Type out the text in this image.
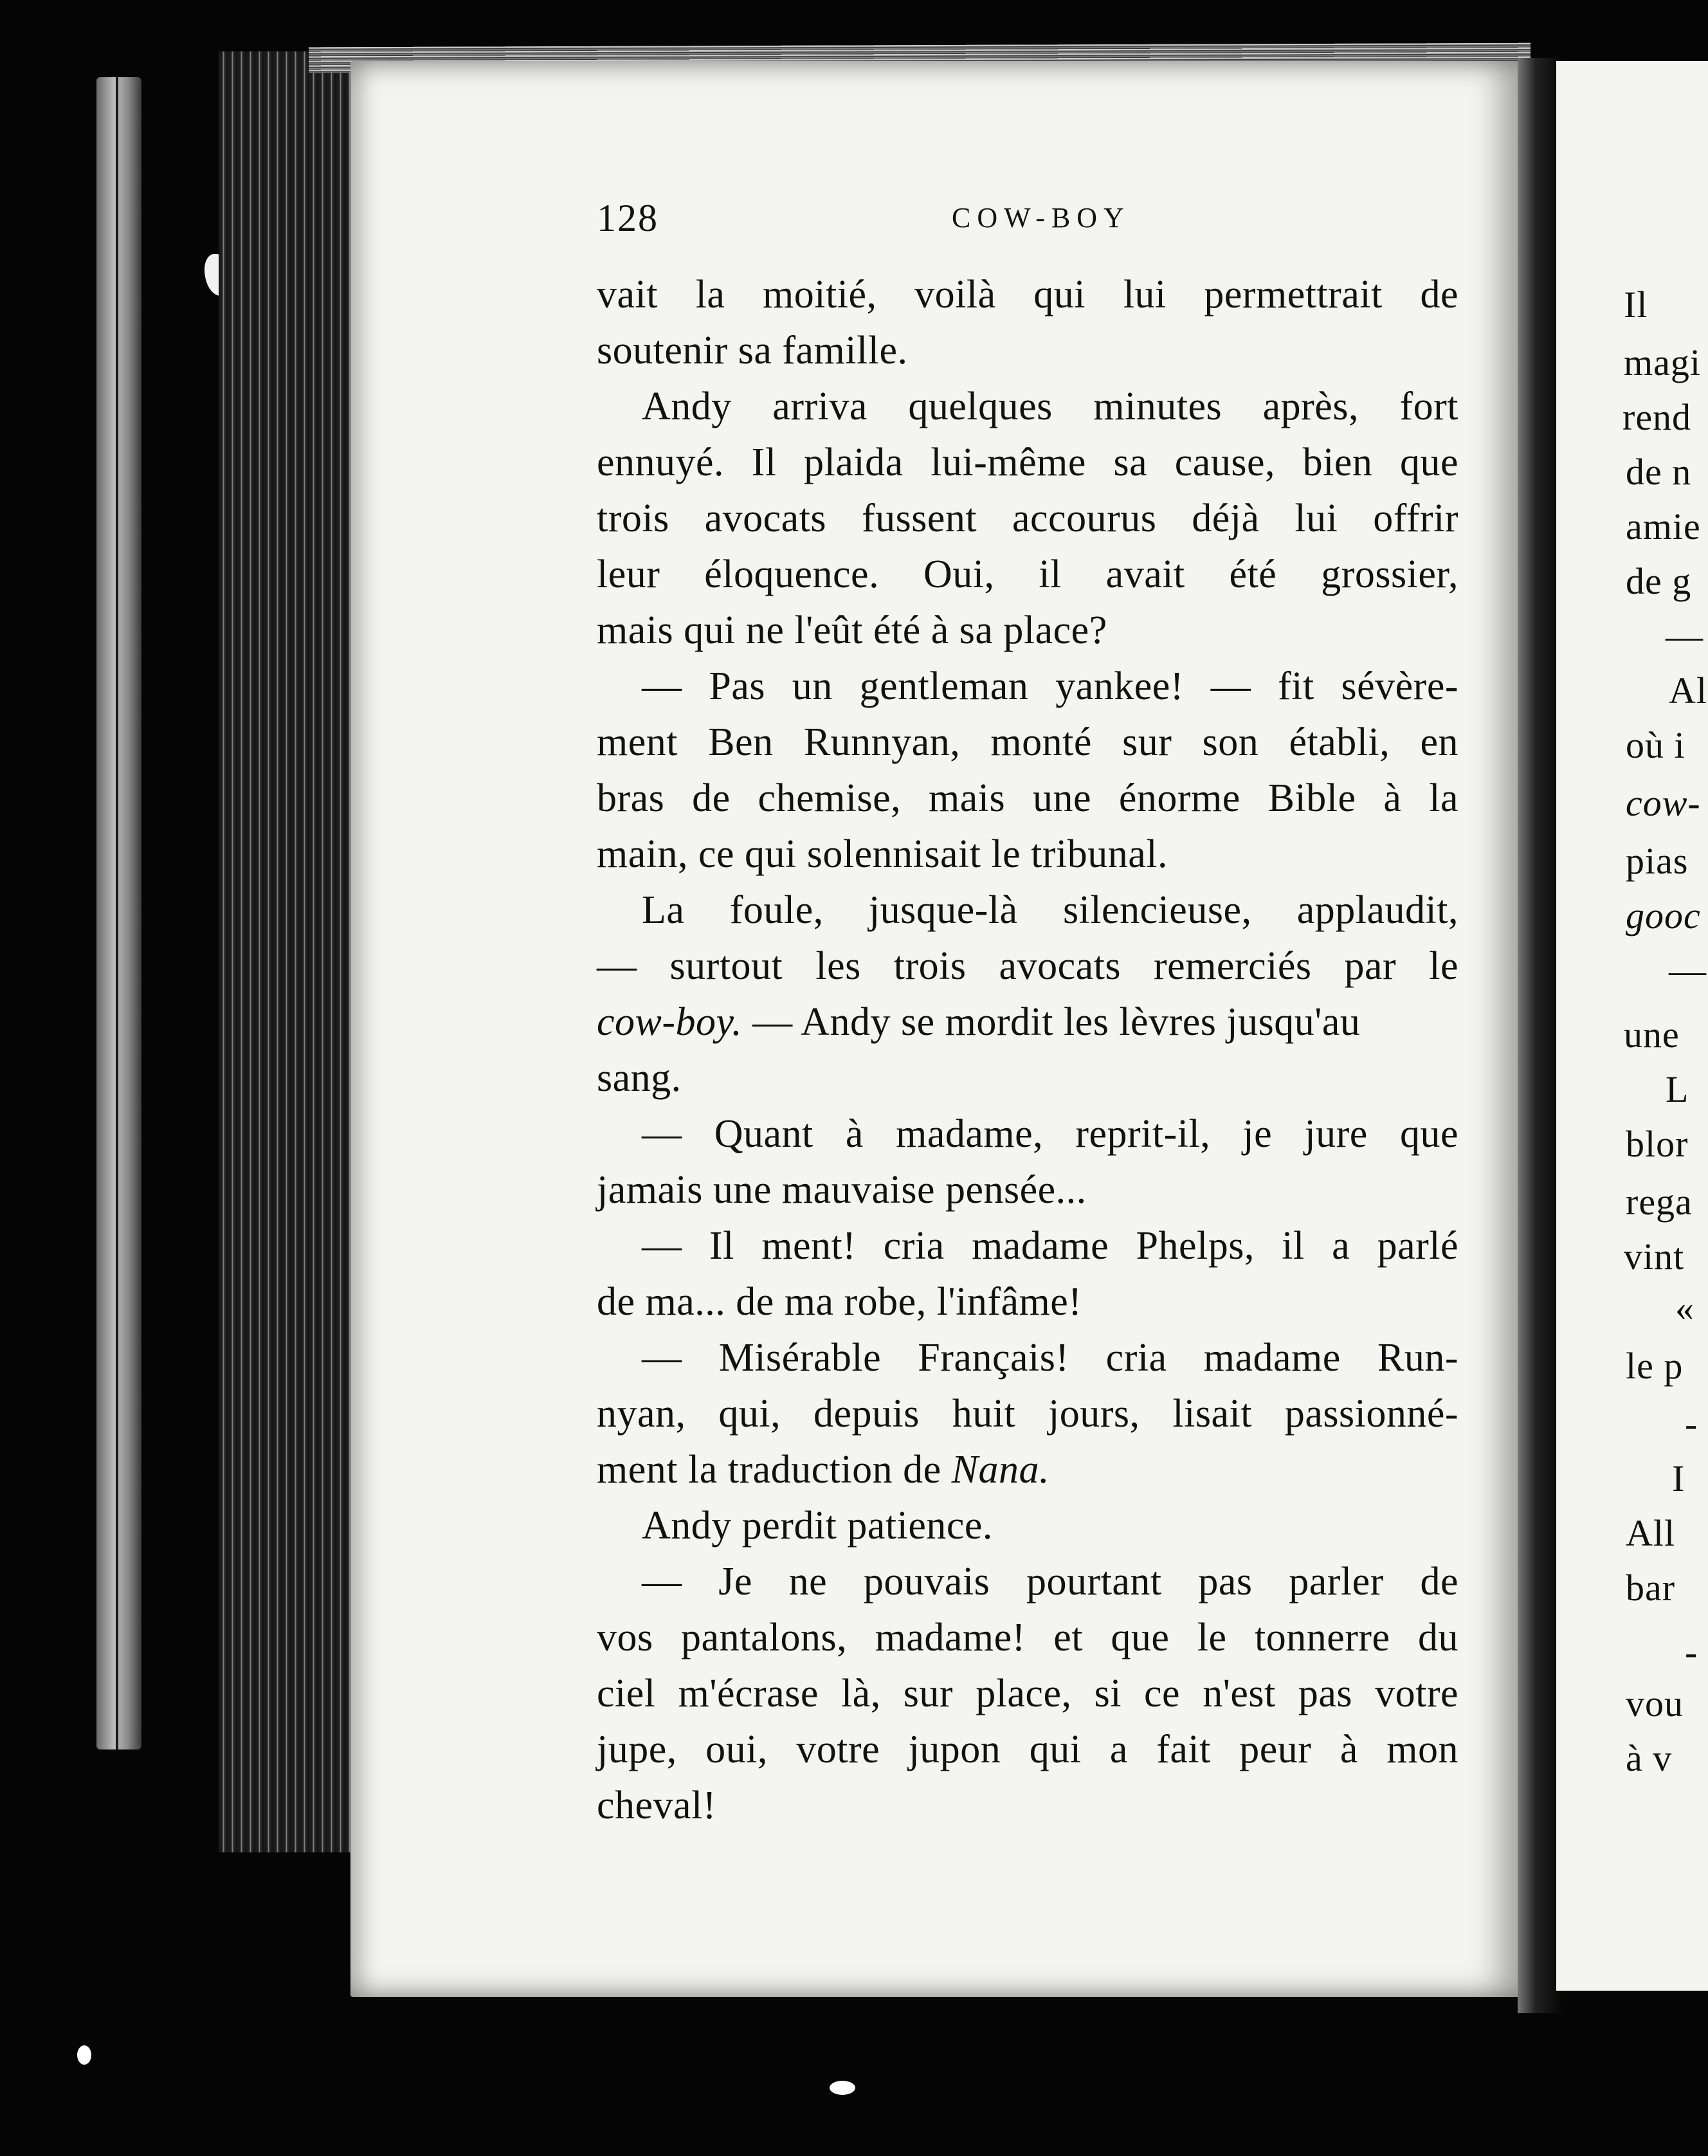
Il
magi
rend
de n
amie
de g
—
Al
où i
cow-
pias
gooc
—
une
L
blor
rega
vint
«
le p
-
I
All
bar
-
vou
à v
128	COW-BOY
vait la moitié, voilà qui lui permettrait de
soutenir sa famille.
Andy arriva quelques minutes après, fort
ennuyé. Il plaida lui-même sa cause, bien que
trois avocats fussent accourus déjà lui offrir
leur éloquence. Oui, il avait été grossier,
mais qui ne l'eût été à sa place?
— Pas un gentleman yankee! — fit sévère-
ment Ben Runnyan, monté sur son établi, en
bras de chemise, mais une énorme Bible à la
main, ce qui solennisait le tribunal.
La foule, jusque-là silencieuse, applaudit,
— surtout les trois avocats remerciés par le
cow-boy. — Andy se mordit les lèvres jusqu'au
sang.
— Quant à madame, reprit-il, je jure que
jamais une mauvaise pensée...
— Il ment! cria madame Phelps, il a parlé
de ma... de ma robe, l'infâme!
— Misérable Français! cria madame Run-
nyan, qui, depuis huit jours, lisait passionné-
ment la traduction de Nana.
Andy perdit patience.
— Je ne pouvais pourtant pas parler de
vos pantalons, madame! et que le tonnerre du
ciel m'écrase là, sur place, si ce n'est pas votre
jupe, oui, votre jupon qui a fait peur à mon
cheval!
